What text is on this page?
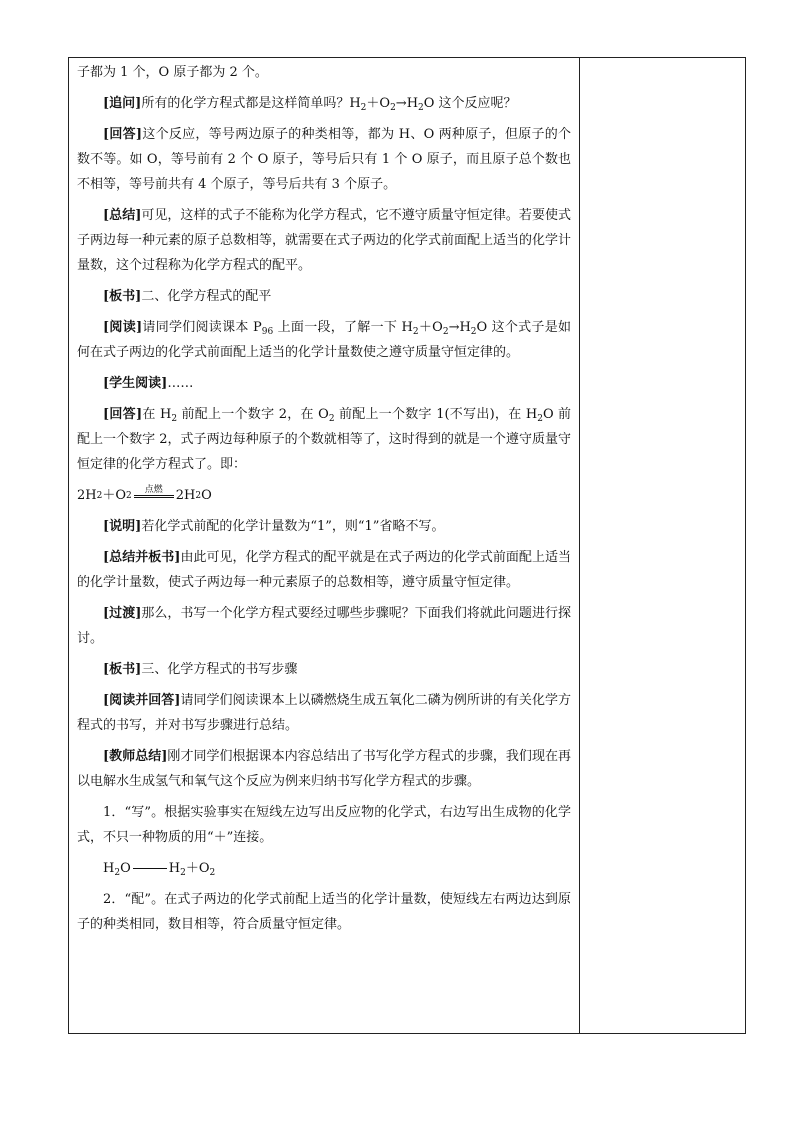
子都为 1 个，O 原子都为 2 个。

[追问]所有的化学方程式都是这样简单吗？$H_2+O_2\to H_2O$ 这个反应呢？

[回答]这个反应，等号两边原子的种类相等，都为 H、O 两种原子，但原子的个数不等。如 O，等号前有 2 个 O 原子，等号后只有 1 个 O 原子，而且原子总个数也不相等，等号前共有 4 个原子，等号后共有 3 个原子。

[总结]可见，这样的式子不能称为化学方程式，它不遵守质量守恒定律。若要使式子两边每一种元素的原子总数相等，就需要在式子两边的化学式前面配上适当的化学计量数，这个过程称为化学方程式的配平。

[板书]二、化学方程式的配平

[阅读]请同学们阅读课本 $P_{96}$ 上面一段，了解一下 $H_2+O_2\to H_2O$ 这个式子是如何在式子两边的化学式前面配上适当的化学计量数使之遵守质量守恒定律的。

[学生阅读]……

[回答]在 $H_2$ 前配上一个数字 2，在 $O_2$ 前配上一个数字 1(不写出)，在 $H_2O$ 前配上一个数字 2，式子两边每种原子的个数就相等了，这时得到的就是一个遵守质量守恒定律的化学方程式了。即：

2H 2 ＋O 2
点燃 2H 2 O

[说明]若化学式前配的化学计量数为“1”，则“1”省略不写。

[总结并板书]由此可见，化学方程式的配平就是在式子两边的化学式前面配上适当的化学计量数，使式子两边每一种元素原子的总数相等，遵守质量守恒定律。

[过渡]那么，书写一个化学方程式要经过哪些步骤呢？下面我们将就此问题进行探讨。

[板书]三、化学方程式的书写步骤

[阅读并回答]请同学们阅读课本上以磷燃烧生成五氧化二磷为例所讲的有关化学方程式的书写，并对书写步骤进行总结。

[教师总结]刚才同学们根据课本内容总结出了书写化学方程式的步骤，我们现在再以电解水生成氢气和氧气这个反应为例来归纳书写化学方程式的步骤。

1．“写”。根据实验事实在短线左边写出反应物的化学式，右边写出生成物的化学式，不只一种物质的用“＋”连接。

$H_2O$	$H_2+O_2$

2．“配”。在式子两边的化学式前配上适当的化学计量数，使短线左右两边达到原子的种类相同，数目相等，符合质量守恒定律。
